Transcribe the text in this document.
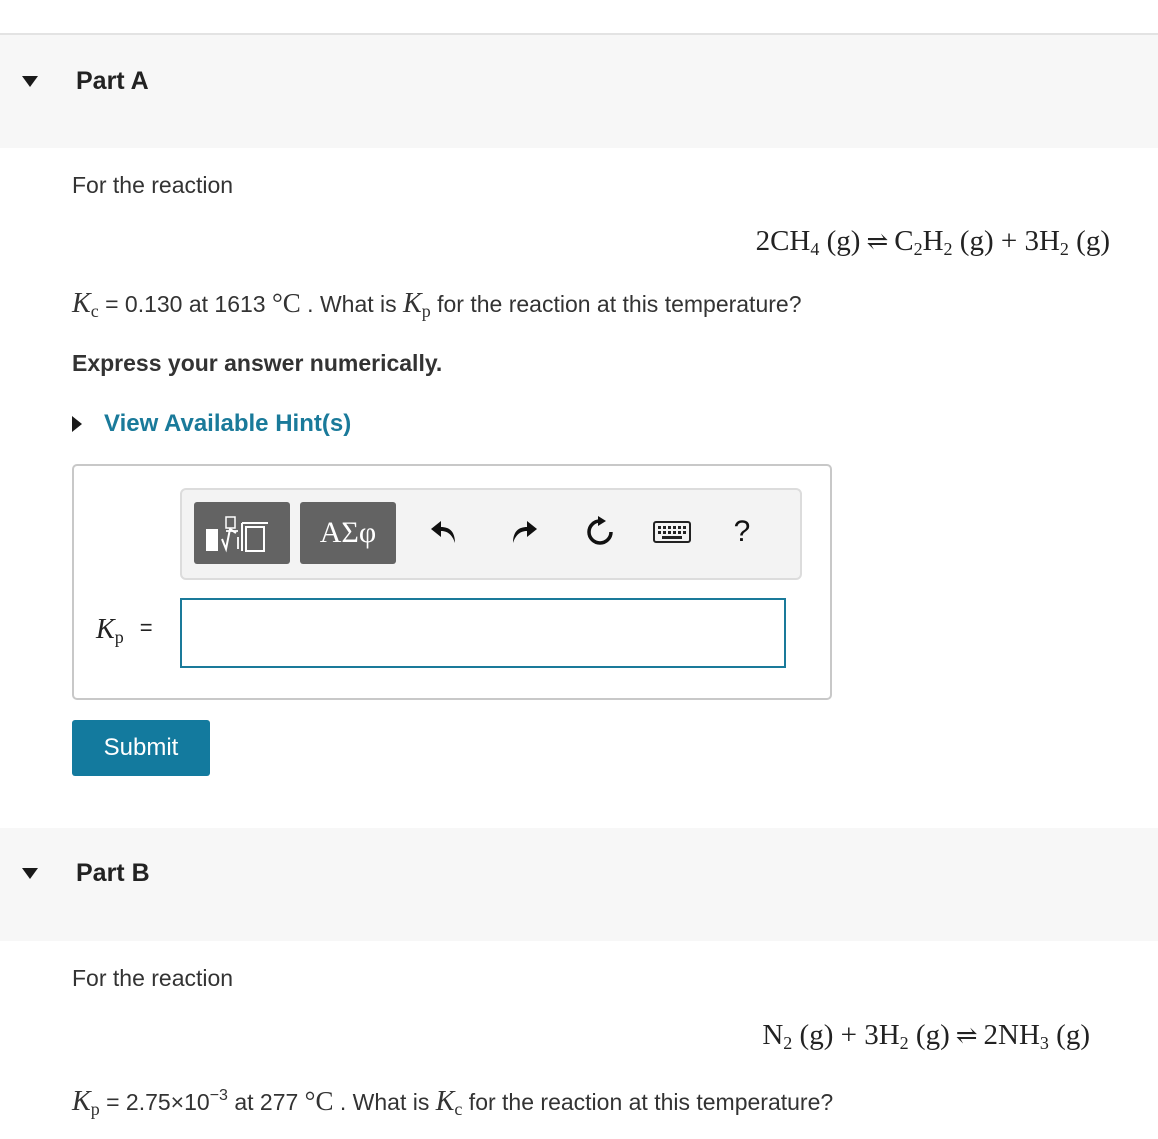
Part A
For the reaction
$2CH_4$ (g) ⇌ $C_2H_2$ $(g) + 3H_2$ (g)
$K_c = 0.130$ at 1613 °C . What is $K_p$ for the reaction at this temperature?
Express your answer numerically.
View Available Hint(s)
ΑΣφ	?
$K_p$ =
Submit
Part B
For the reaction
$N_2$ $(g) + 3H_2$ (g) ⇌ $2NH_3$ (g)
$K_p = 2.75\times 10^{-3}$ at 277 °C . What is $K_c$ for the reaction at this temperature?
